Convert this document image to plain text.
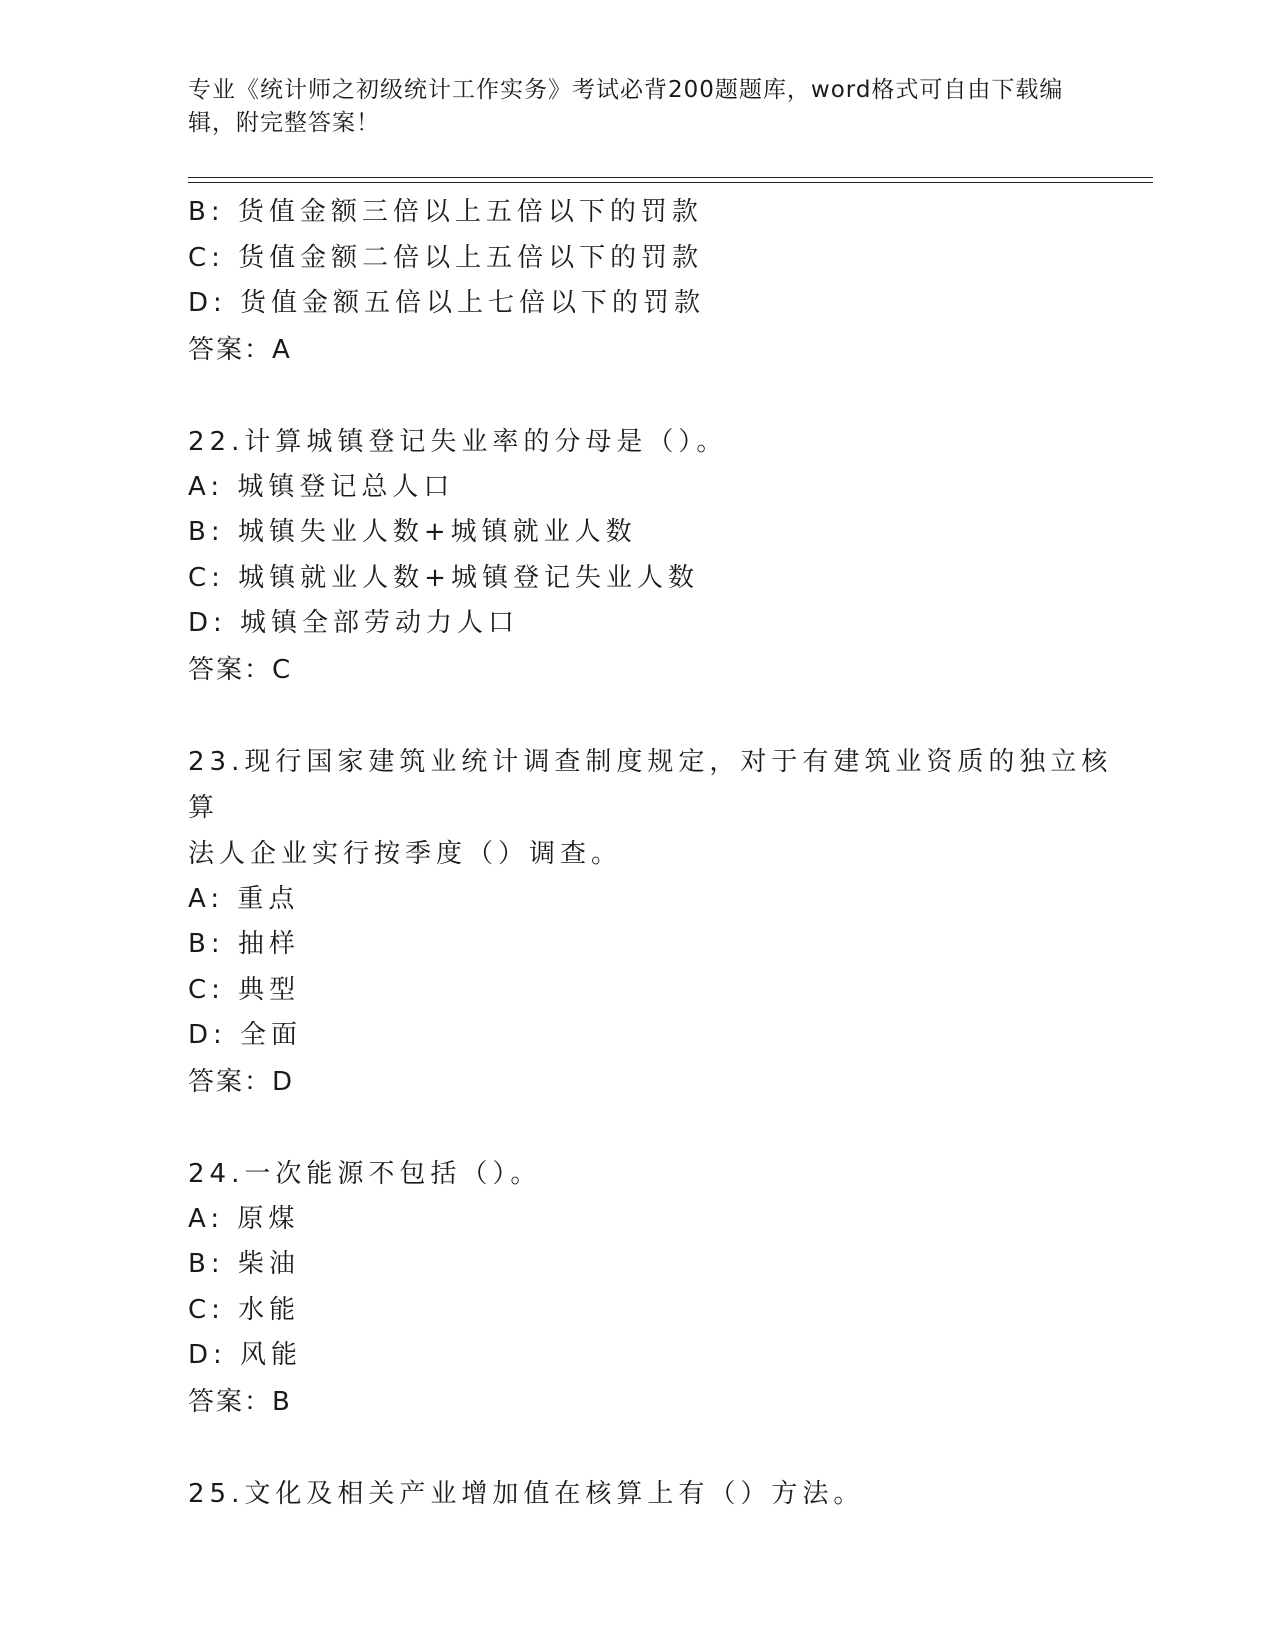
专业《统计师之初级统计工作实务》考试必背200题题库，word格式可自由下载编辑，附完整答案！
B: 货值金额三倍以上五倍以下的罚款
C: 货值金额二倍以上五倍以下的罚款
D: 货值金额五倍以上七倍以下的罚款
答案：A
22.计算城镇登记失业率的分母是（）。
A: 城镇登记总人口
B: 城镇失业人数+城镇就业人数
C: 城镇就业人数+城镇登记失业人数
D: 城镇全部劳动力人口
答案：C
23.现行国家建筑业统计调查制度规定，对于有建筑业资质的独立核算
法人企业实行按季度（）调查。
A: 重点
B: 抽样
C: 典型
D: 全面
答案：D
24.一次能源不包括（）。
A: 原煤
B: 柴油
C: 水能
D: 风能
答案：B
25.文化及相关产业增加值在核算上有（）方法。
